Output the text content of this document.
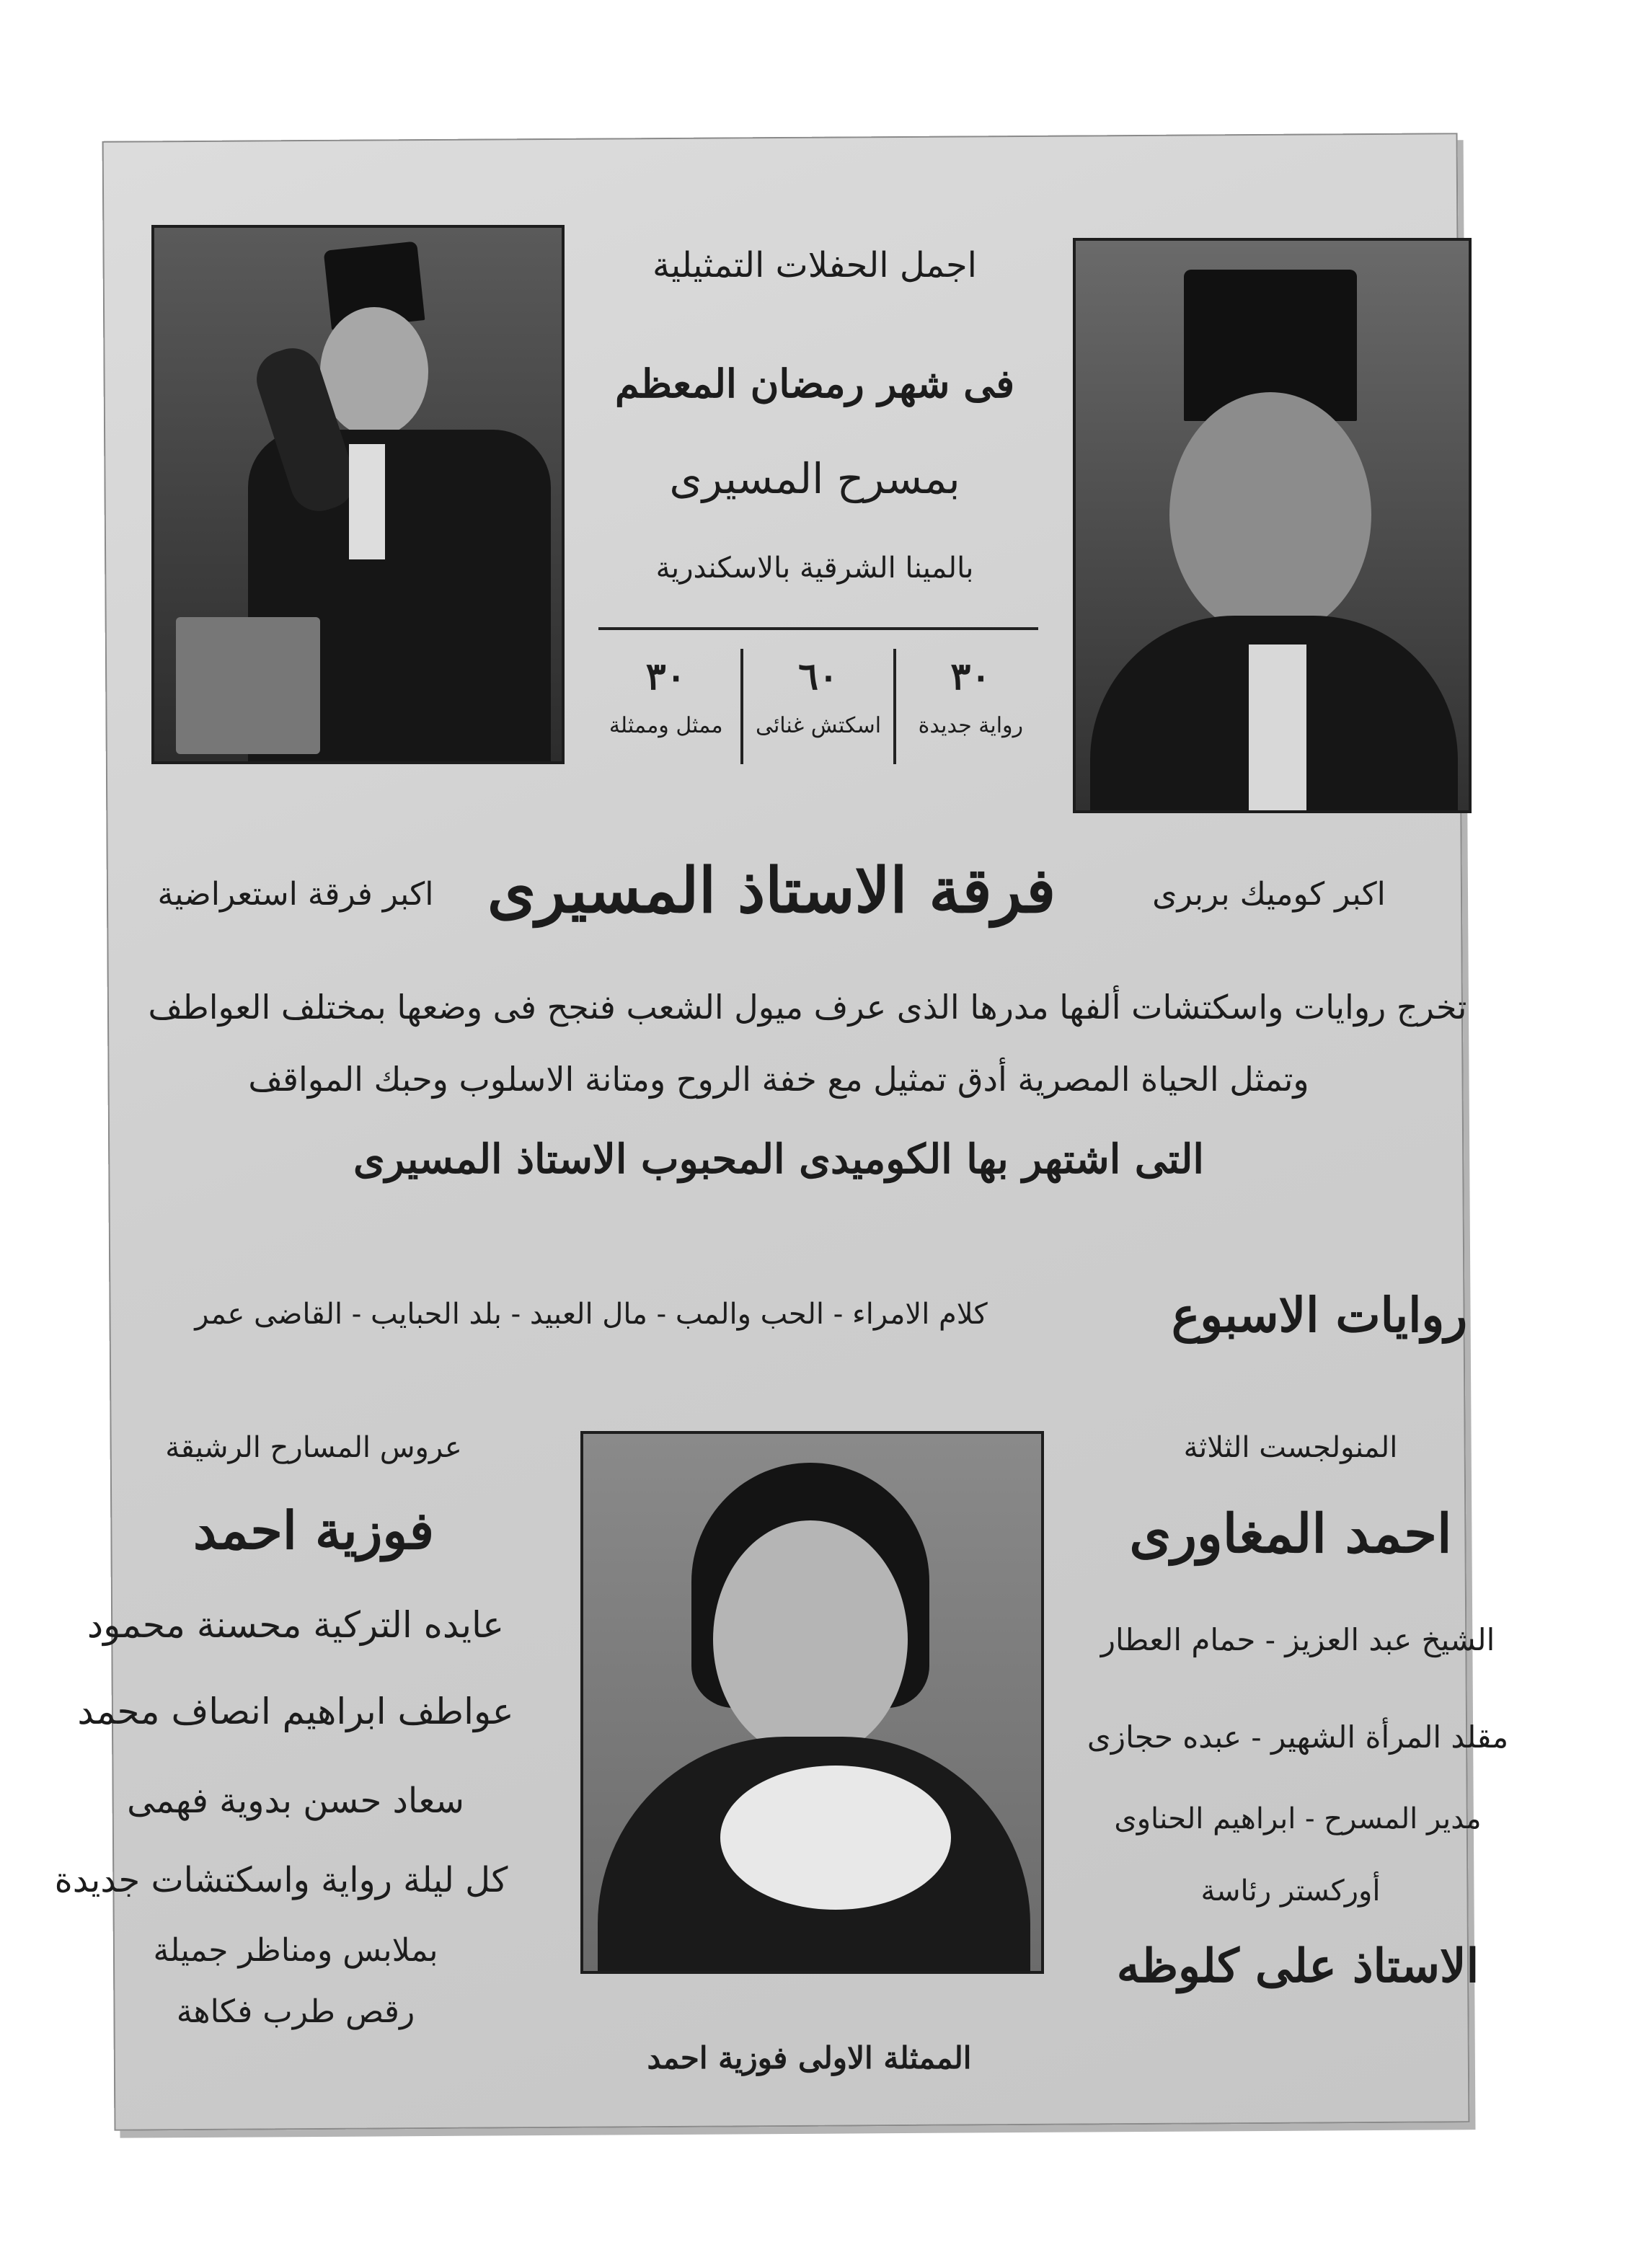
اجمل الحفلات التمثيلية
فى شهر رمضان المعظم
بمسرح المسيرى
بالمينا الشرقية بالاسكندرية
٣٠
رواية جديدة
٦٠
اسكتش غنائى
٣٠
ممثل وممثلة
اكبر كوميك بربرى
فرقة الاستاذ المسيرى
اكبر فرقة استعراضية
تخرج روايات واسكتشات ألفها مدرها الذى عرف ميول الشعب فنجح فى وضعها بمختلف العواطف
وتمثل الحياة المصرية أدق تمثيل مع خفة الروح ومتانة الاسلوب وحبك المواقف
التى اشتهر بها الكوميدى المحبوب الاستاذ المسيرى
روايات الاسبوع
كلام الامراء - الحب والمب - مال العبيد - بلد الحبايب - القاضى عمر
الممثلة الاولى فوزية احمد
المنولجست الثلاثة
احمد المغاورى
الشيخ عبد العزيز - حمام العطار
مقلد المرأة الشهير - عبده حجازى
مدير المسرح - ابراهيم الحناوى
أوركستر رئاسة
الاستاذ على كلوظه
عروس المسارح الرشيقة
فوزية احمد
عايده التركية محسنة محمود
عواطف ابراهيم انصاف محمد
سعاد حسن بدوية فهمى
كل ليلة رواية واسكتشات جديدة
بملابس ومناظر جميلة
رقص طرب فكاهة
